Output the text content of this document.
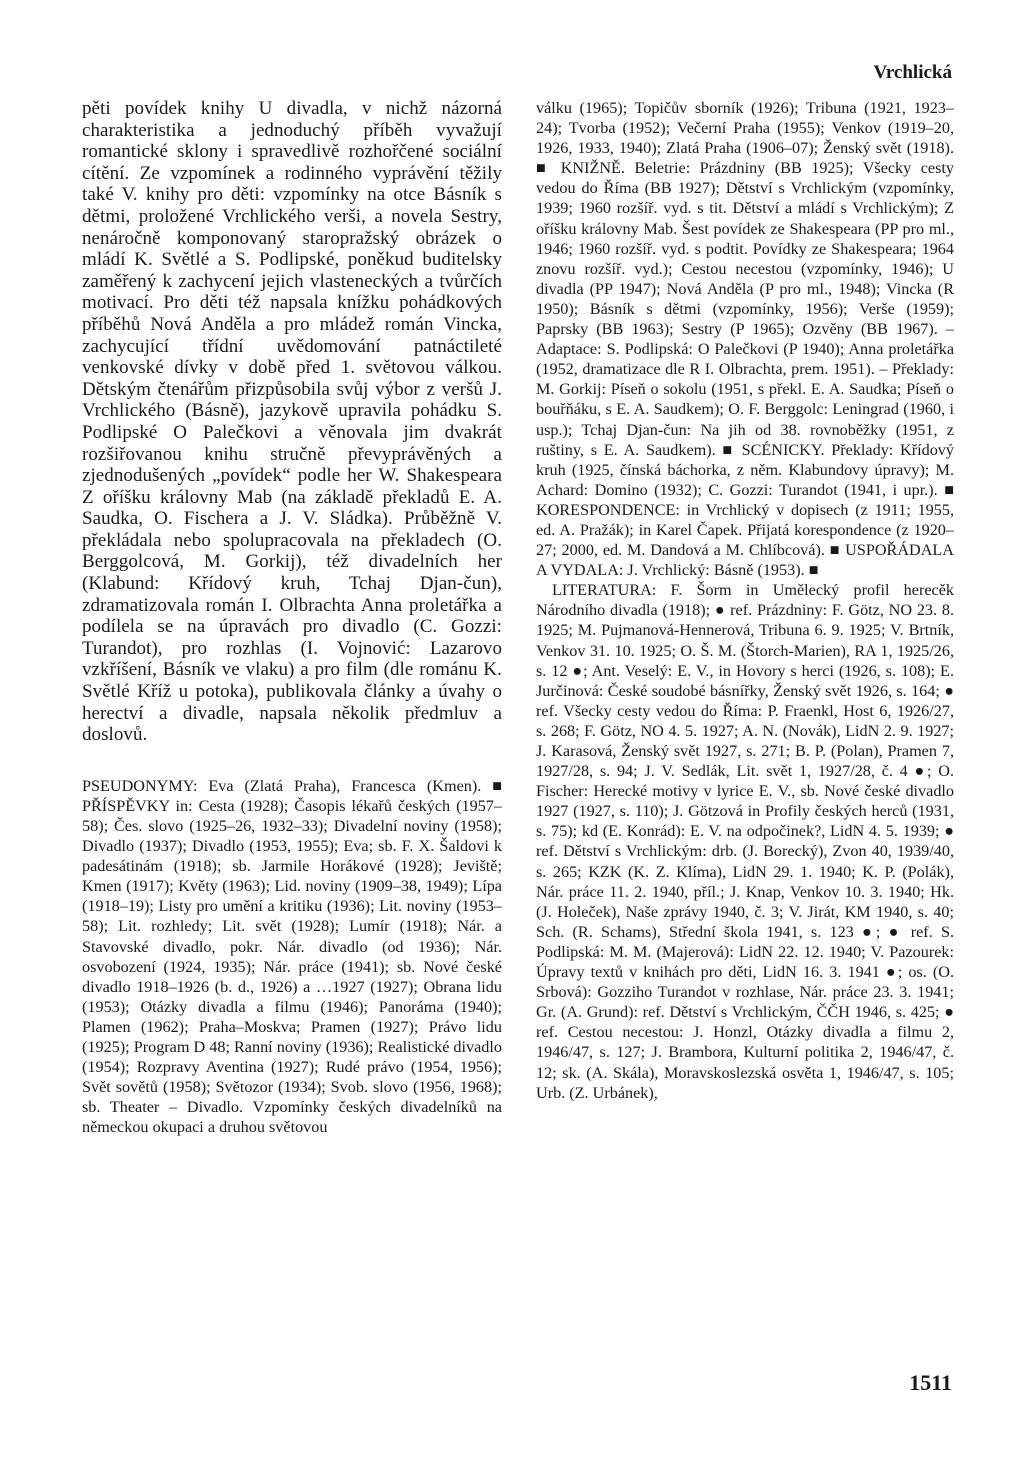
Vrchlická

pěti povídek knihy U divadla, v nichž názorná charakteristika a jednoduchý příběh vyvažují romantické sklony i spravedlivě rozhořčené sociální cítění. Ze vzpomínek a rodinného vyprávění těžily také V. knihy pro děti: vzpomínky na otce Básník s dětmi, proložené Vrchlického verši, a novela Sestry, nenáročně komponovaný staropražský obrázek o mládí K. Světlé a S. Podlipské, poněkud buditelsky zaměřený k zachycení jejich vlasteneckých a tvůrčích motivací. Pro děti též napsala knížku pohádkových příběhů Nová Anděla a pro mládež román Vincka, zachycující třídní uvědomování patnáctileté venkovské dívky v době před 1. světovou válkou. Dětským čtenářům přizpůsobila svůj výbor z veršů J. Vrchlického (Básně), jazykově upravila pohádku S. Podlipské O Palečkovi a věnovala jim dvakrát rozšiřovanou knihu stručně převyprávěných a zjednodušených „povídek“ podle her W. Shakespeara Z oříšku královny Mab (na základě překladů E. A. Saudka, O. Fischera a J. V. Sládka). Průběžně V. překládala nebo spolupracovala na překladech (O. Berggolcová, M. Gorkij), též divadelních her (Klabund: Křídový kruh, Tchaj Djan-čun), zdramatizovala román I. Olbrachta Anna proletářka a podílela se na úpravách pro divadlo (C. Gozzi: Turandot), pro rozhlas (I. Vojnović: Lazarovo vzkříšení, Básník ve vlaku) a pro film (dle románu K. Světlé Kříž u potoka), publikovala články a úvahy o herectví a divadle, napsala několik předmluv a doslovů.

PSEUDONYMY: Eva (Zlatá Praha), Francesca (Kmen). ■ PŘÍSPĚVKY in: Cesta (1928); Časopis lékařů českých (1957–58); Čes. slovo (1925–26, 1932–33); Divadelní noviny (1958); Divadlo (1937); Divadlo (1953, 1955); Eva; sb. F. X. Šaldovi k padesátinám (1918); sb. Jarmile Horákové (1928); Jeviště; Kmen (1917); Květy (1963); Lid. noviny (1909–38, 1949); Lípa (1918–19); Listy pro umění a kritiku (1936); Lit. noviny (1953–58); Lit. rozhledy; Lit. svět (1928); Lumír (1918); Nár. a Stavovské divadlo, pokr. Nár. divadlo (od 1936); Nár. osvobození (1924, 1935); Nár. práce (1941); sb. Nové české divadlo 1918–1926 (b. d., 1926) a …1927 (1927); Obrana lidu (1953); Otázky divadla a filmu (1946); Panoráma (1940); Plamen (1962); Praha–Moskva; Pramen (1927); Právo lidu (1925); Program D 48; Ranní noviny (1936); Realistické divadlo (1954); Rozpravy Aventina (1927); Rudé právo (1954, 1956); Svět sovětů (1958); Světozor (1934); Svob. slovo (1956, 1968); sb. Theater – Divadlo. Vzpomínky českých divadelníků na německou okupaci a druhou světovou

válku (1965); Topičův sborník (1926); Tribuna (1921, 1923–24); Tvorba (1952); Večerní Praha (1955); Venkov (1919–20, 1926, 1933, 1940); Zlatá Praha (1906–07); Ženský svět (1918). ■ KNIŽNĚ. Beletrie: Prázdniny (BB 1925); Všecky cesty vedou do Říma (BB 1927); Dětství s Vrchlickým (vzpomínky, 1939; 1960 rozšíř. vyd. s tit. Dětství a mládí s Vrchlickým); Z oříšku královny Mab. Šest povídek ze Shakespeara (PP pro ml., 1946; 1960 rozšíř. vyd. s podtit. Povídky ze Shakespeara; 1964 znovu rozšíř. vyd.); Cestou necestou (vzpomínky, 1946); U divadla (PP 1947); Nová Anděla (P pro ml., 1948); Vincka (R 1950); Básník s dětmi (vzpomínky, 1956); Verše (1959); Paprsky (BB 1963); Sestry (P 1965); Ozvěny (BB 1967). – Adaptace: S. Podlipská: O Palečkovi (P 1940); Anna proletářka (1952, dramatizace dle R I. Olbrachta, prem. 1951). – Překlady: M. Gorkij: Píseň o sokolu (1951, s překl. E. A. Saudka; Píseň o bouřňáku, s E. A. Saudkem); O. F. Berggolc: Leningrad (1960, i usp.); Tchaj Djan-čun: Na jih od 38. rovnoběžky (1951, z ruštiny, s E. A. Saudkem). ■ SCÉNICKY. Překlady: Křídový kruh (1925, čínská báchorka, z něm. Klabundovy úpravy); M. Achard: Domino (1932); C. Gozzi: Turandot (1941, i upr.). ■ KORESPONDENCE: in Vrchlický v dopisech (z 1911; 1955, ed. A. Pražák); in Karel Čapek. Přijatá korespondence (z 1920–27; 2000, ed. M. Dandová a M. Chlíbcová). ■ USPOŘÁDALA A VYDALA: J. Vrchlický: Básně (1953). ■

LITERATURA: F. Šorm in Umělecký profil herecěk Národního divadla (1918); ● ref. Prázdniny: F. Götz, NO 23. 8. 1925; M. Pujmanová-Hennerová, Tribuna 6. 9. 1925; V. Brtník, Venkov 31. 10. 1925; O. Š. M. (Štorch-Marien), RA 1, 1925/26, s. 12 ●; Ant. Veselý: E. V., in Hovory s herci (1926, s. 108); E. Jurčinová: České soudobé básnířky, Ženský svět 1926, s. 164; ● ref. Všecky cesty vedou do Říma: P. Fraenkl, Host 6, 1926/27, s. 268; F. Götz, NO 4. 5. 1927; A. N. (Novák), LidN 2. 9. 1927; J. Karasová, Ženský svět 1927, s. 271; B. P. (Polan), Pramen 7, 1927/28, s. 94; J. V. Sedlák, Lit. svět 1, 1927/28, č. 4 ●; O. Fischer: Herecké motivy v lyrice E. V., sb. Nové české divadlo 1927 (1927, s. 110); J. Götzová in Profily českých herců (1931, s. 75); kd (E. Konrád): E. V. na odpočinek?, LidN 4. 5. 1939; ● ref. Dětství s Vrchlickým: drb. (J. Borecký), Zvon 40, 1939/40, s. 265; KZK (K. Z. Klíma), LidN 29. 1. 1940; K. P. (Polák), Nár. práce 11. 2. 1940, příl.; J. Knap, Venkov 10. 3. 1940; Hk. (J. Holeček), Naše zprávy 1940, č. 3; V. Jirát, KM 1940, s. 40; Sch. (R. Schams), Střední škola 1941, s. 123 ●; ● ref. S. Podlipská: M. M. (Majerová): LidN 22. 12. 1940; V. Pazourek: Úpravy textů v knihách pro děti, LidN 16. 3. 1941 ●; os. (O. Srbová): Gozziho Turandot v rozhlase, Nár. práce 23. 3. 1941; Gr. (A. Grund): ref. Dětství s Vrchlickým, ČČH 1946, s. 425; ● ref. Cestou necestou: J. Honzl, Otázky divadla a filmu 2, 1946/47, s. 127; J. Brambora, Kulturní politika 2, 1946/47, č. 12; sk. (A. Skála), Moravskoslezská osvěta 1, 1946/47, s. 105; Urb. (Z. Urbánek),

1511
